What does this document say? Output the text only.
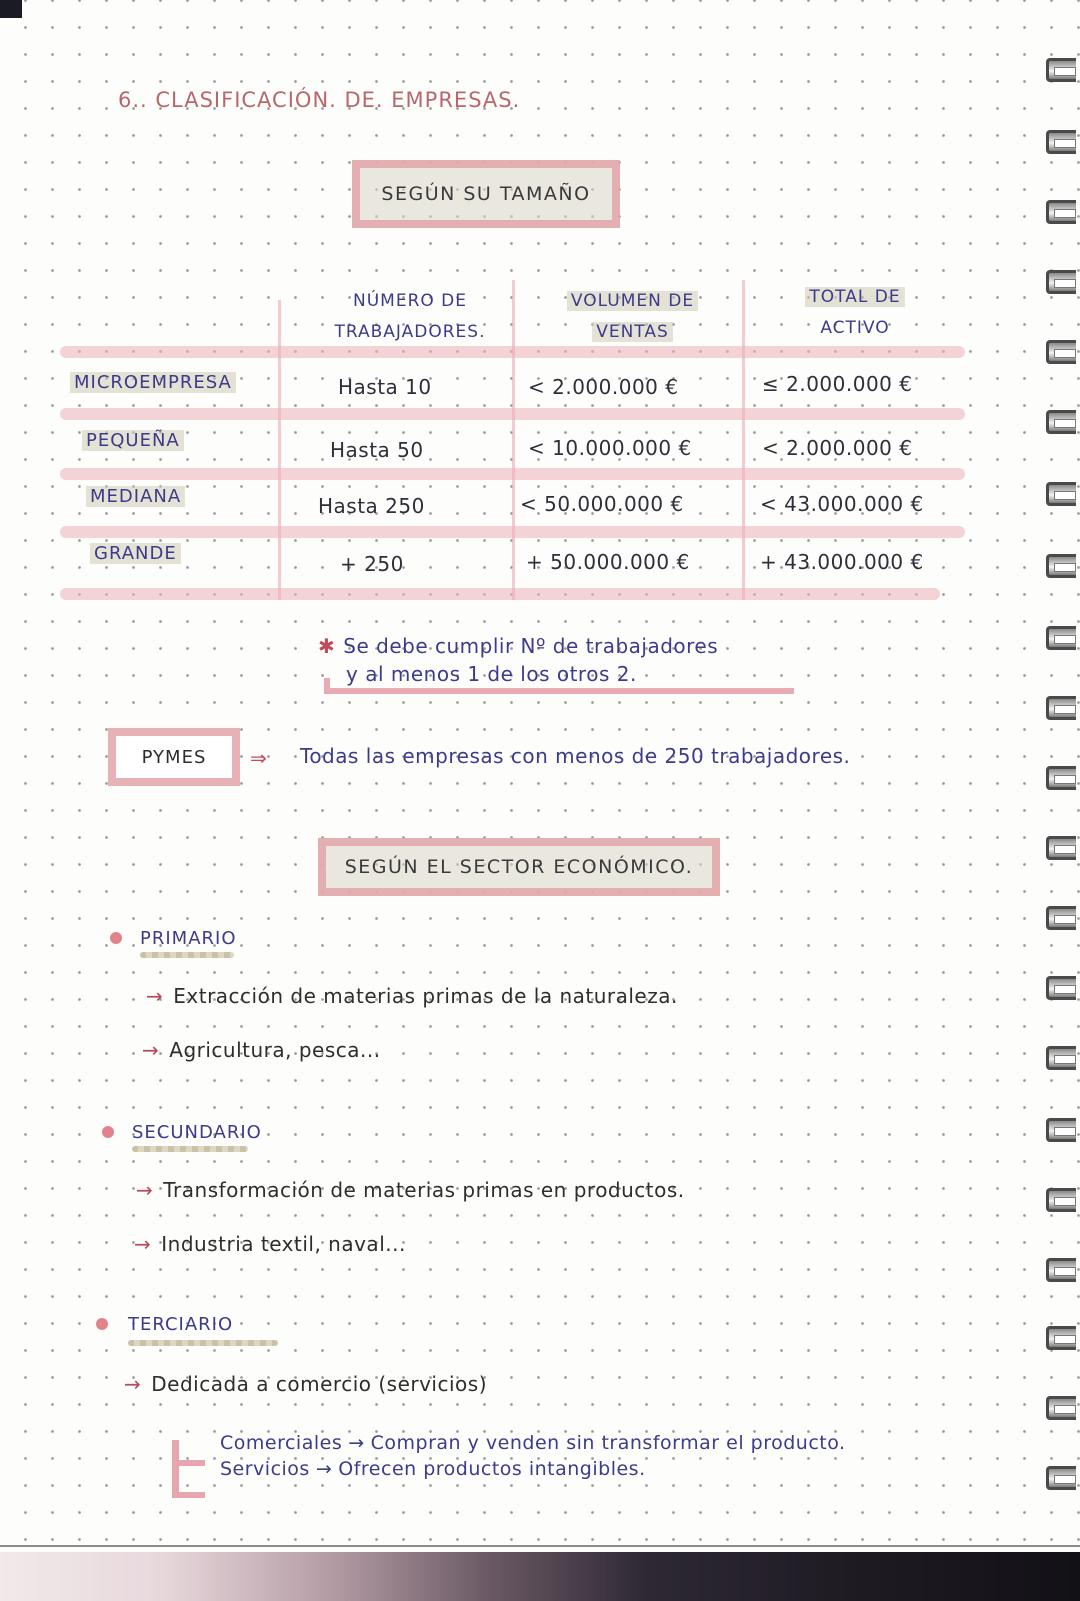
6.. CLASIFICACIÓN. DE. EMPRESAS.
SEGÚN SU TAMAÑO
NÚMERO DE
TRABAJADORES.
VOLUMEN DE
VENTAS
TOTAL DE
ACTIVO
MICROEMPRESA	Hasta 10	< 2.000.000 €	≤ 2.000.000 €
PEQUEÑA	Hasta 50	< 10.000.000 €	< 2.000.000 €
MEDIANA	Hasta 250	< 50.000.000 €	< 43.000.000 €
GRANDE	+ 250	+ 50.000.000 €	+ 43.000.000 €
✱ Se debe cumplir Nº de trabajadores
y al menos 1 de los otros 2.
PYMES ⇒ Todas las empresas con menos de 250 trabajadores.
SEGÚN EL SECTOR ECONÓMICO.
PRIMARIO
→ Extracción de materias primas de la naturaleza.
→ Agricultura, pesca...
SECUNDARIO
→ Transformación de materias primas en productos.
→ Industria textil, naval...
TERCIARIO
→ Dedicada a comercio (servicios)
Comerciales → Compran y venden sin transformar el producto.
Servicios → Ofrecen productos intangibles.
